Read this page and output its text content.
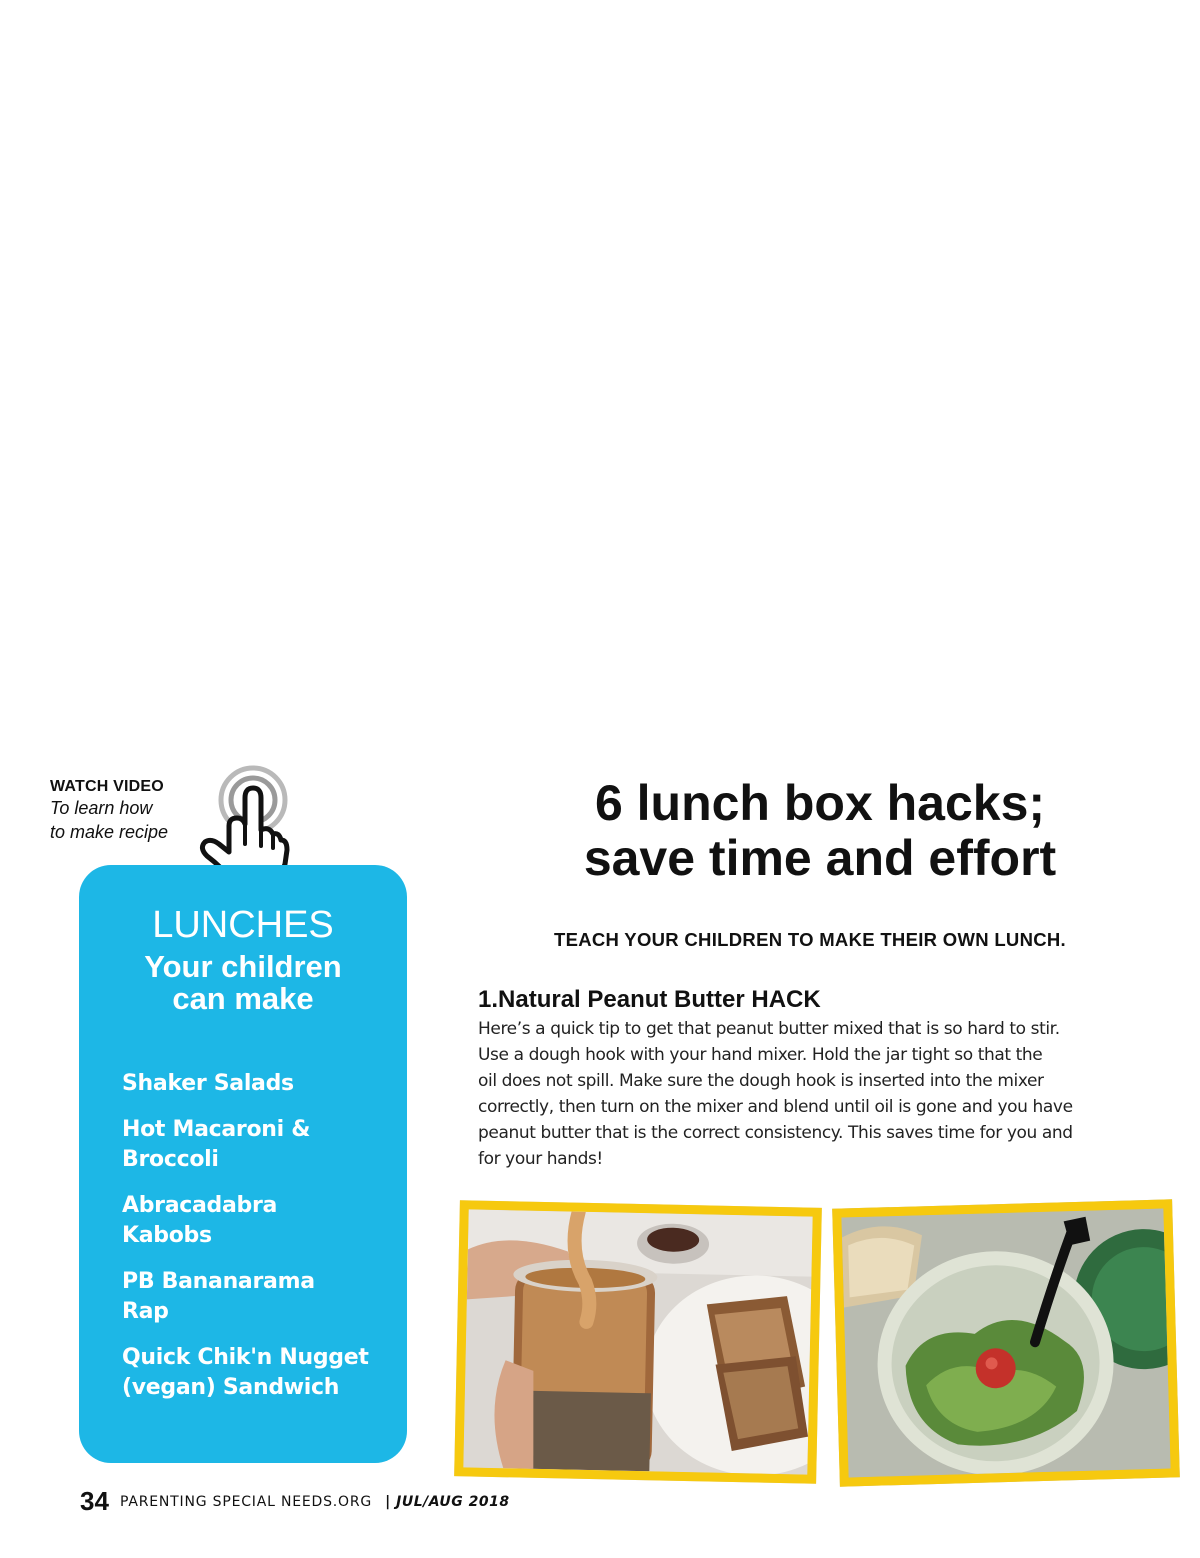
WATCH VIDEO
To learn how
to make recipe
LUNCHES
Your children
can make
Shaker Salads
Hot Macaroni &
Broccoli
Abracadabra
Kabobs
PB Bananarama
Rap
Quick Chik'n Nugget
(vegan) Sandwich
6 lunch box hacks;
save time and effort
TEACH YOUR CHILDREN TO MAKE THEIR OWN LUNCH.
1.Natural Peanut Butter HACK
Here’s a quick tip to get that peanut butter mixed that is so hard to stir.
Use a dough hook with your hand mixer. Hold the jar tight so that the
oil does not spill. Make sure the dough hook is inserted into the mixer
correctly, then turn on the mixer and blend until oil is gone and you have
peanut butter that is the correct consistency. This saves time for you and
for your hands!
34 PARENTING SPECIAL NEEDS.ORG | JUL/AUG 2018
